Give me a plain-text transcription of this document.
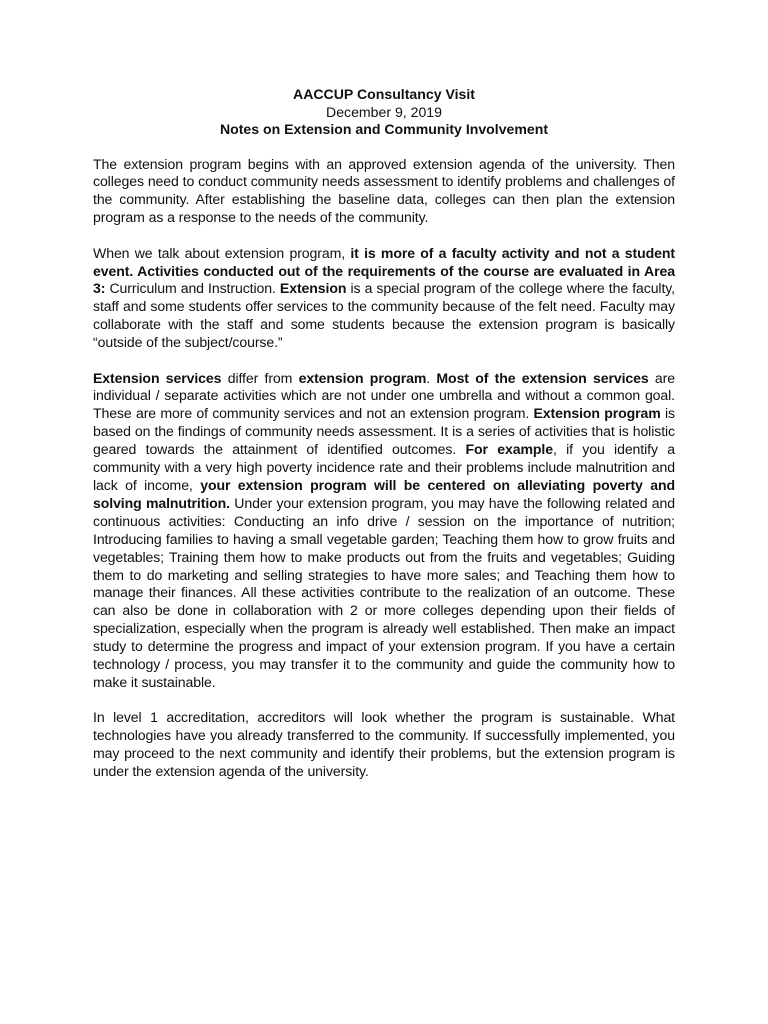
AACCUP Consultancy Visit
December 9, 2019
Notes on Extension and Community Involvement

The extension program begins with an approved extension agenda of the university. Then colleges need to conduct community needs assessment to identify problems and challenges of the community. After establishing the baseline data, colleges can then plan the extension program as a response to the needs of the community.

When we talk about extension program, it is more of a faculty activity and not a student event. Activities conducted out of the requirements of the course are evaluated in Area 3: Curriculum and Instruction. Extension is a special program of the college where the faculty, staff and some students offer services to the community because of the felt need. Faculty may collaborate with the staff and some students because the extension program is basically “outside of the subject/course.”

Extension services differ from extension program. Most of the extension services are individual / separate activities which are not under one umbrella and without a common goal. These are more of community services and not an extension program. Extension program is based on the findings of community needs assessment. It is a series of activities that is holistic geared towards the attainment of identified outcomes. For example, if you identify a community with a very high poverty incidence rate and their problems include malnutrition and lack of income, your extension program will be centered on alleviating poverty and solving malnutrition. Under your extension program, you may have the following related and continuous activities: Conducting an info drive / session on the importance of nutrition; Introducing families to having a small vegetable garden; Teaching them how to grow fruits and vegetables; Training them how to make products out from the fruits and vegetables; Guiding them to do marketing and selling strategies to have more sales; and Teaching them how to manage their finances. All these activities contribute to the realization of an outcome. These can also be done in collaboration with 2 or more colleges depending upon their fields of specialization, especially when the program is already well established. Then make an impact study to determine the progress and impact of your extension program. If you have a certain technology / process, you may transfer it to the community and guide the community how to make it sustainable.

In level 1 accreditation, accreditors will look whether the program is sustainable. What technologies have you already transferred to the community. If successfully implemented, you may proceed to the next community and identify their problems, but the extension program is under the extension agenda of the university.
